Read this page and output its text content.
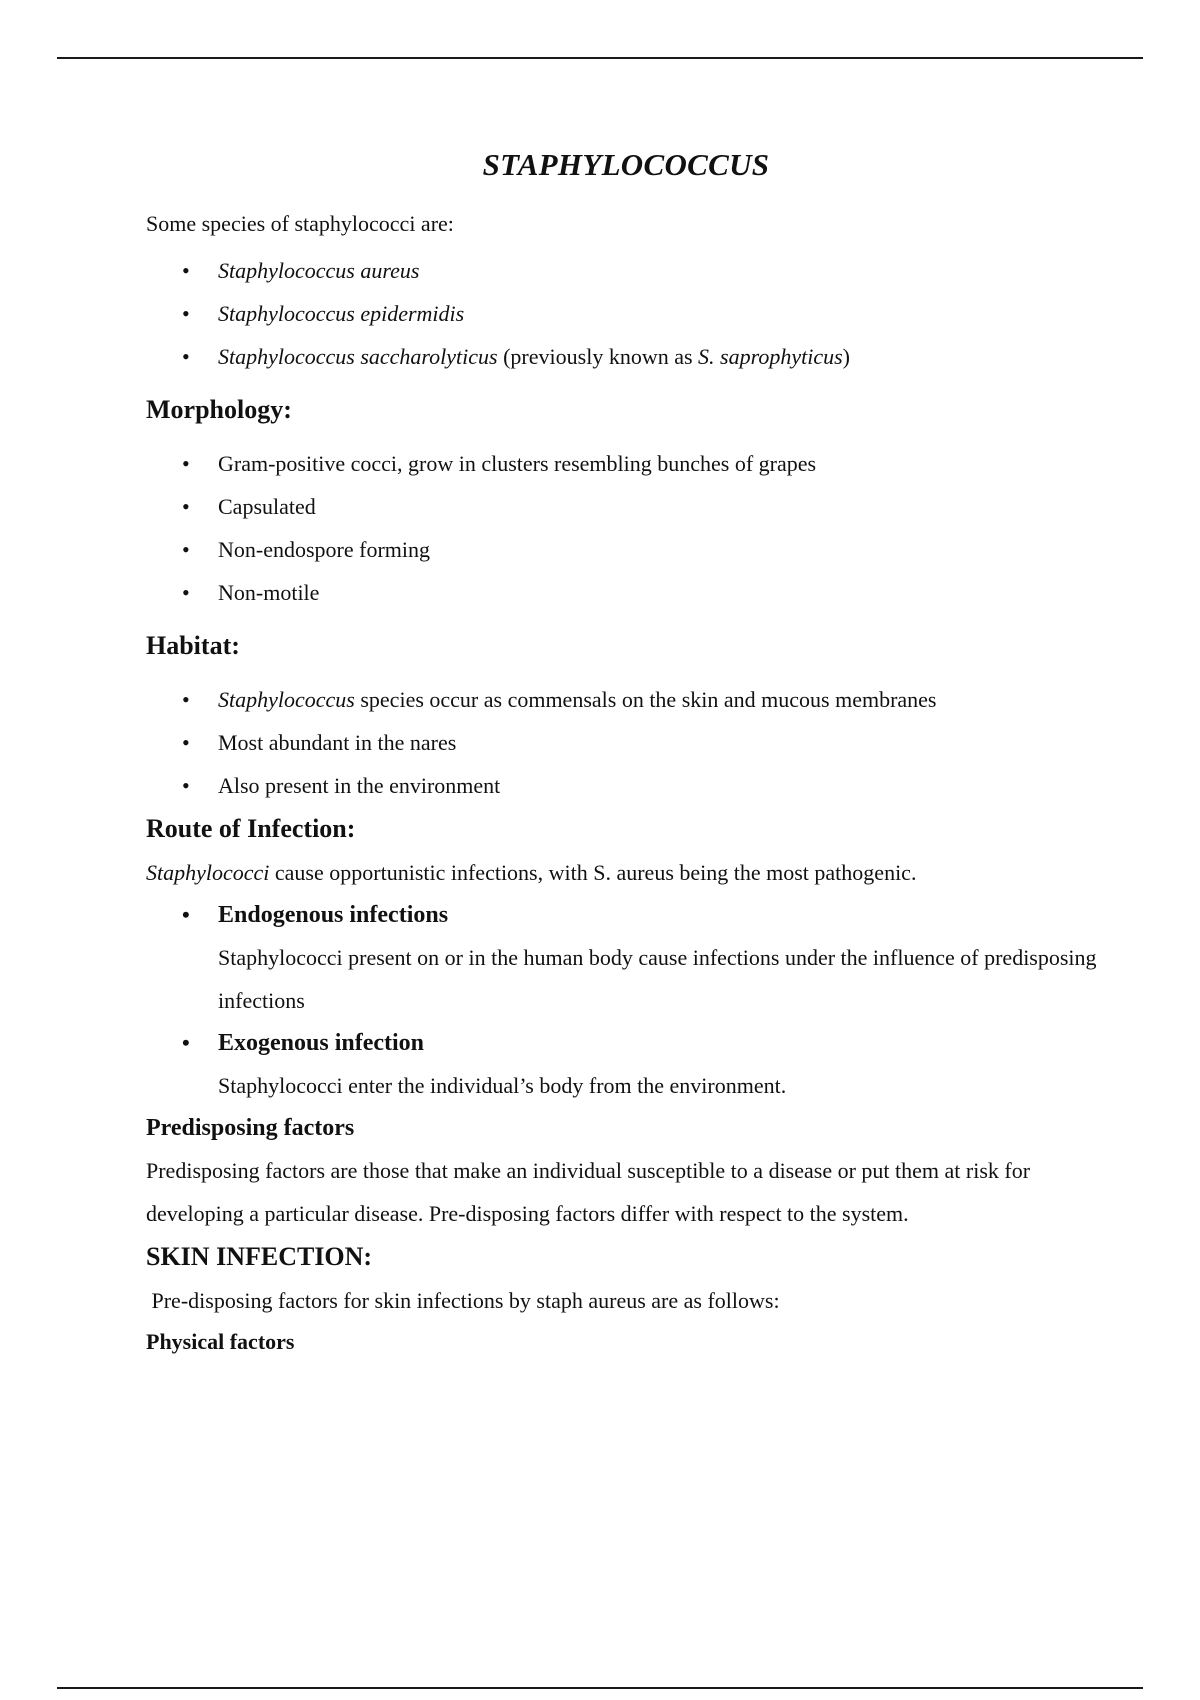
STAPHYLOCOCCUS

Some species of staphylococci are:

• Staphylococcus aureus
• Staphylococcus epidermidis
• Staphylococcus saccharolyticus (previously known as S. saprophyticus)
Morphology:
• Gram-positive cocci, grow in clusters resembling bunches of grapes
• Capsulated
• Non-endospore forming
• Non-motile
Habitat:
• Staphylococcus species occur as commensals on the skin and mucous membranes
• Most abundant in the nares
• Also present in the environment
Route of Infection:

Staphylococci cause opportunistic infections, with S. aureus being the most pathogenic.

• Endogenous infections
Staphylococci present on or in the human body cause infections under the influence of predisposing infections
• Exogenous infection
Staphylococci enter the individual’s body from the environment.
Predisposing factors

Predisposing factors are those that make an individual susceptible to a disease or put them at risk for developing a particular disease. Pre-disposing factors differ with respect to the system.

SKIN INFECTION:

Pre-disposing factors for skin infections by staph aureus are as follows:

Physical factors
